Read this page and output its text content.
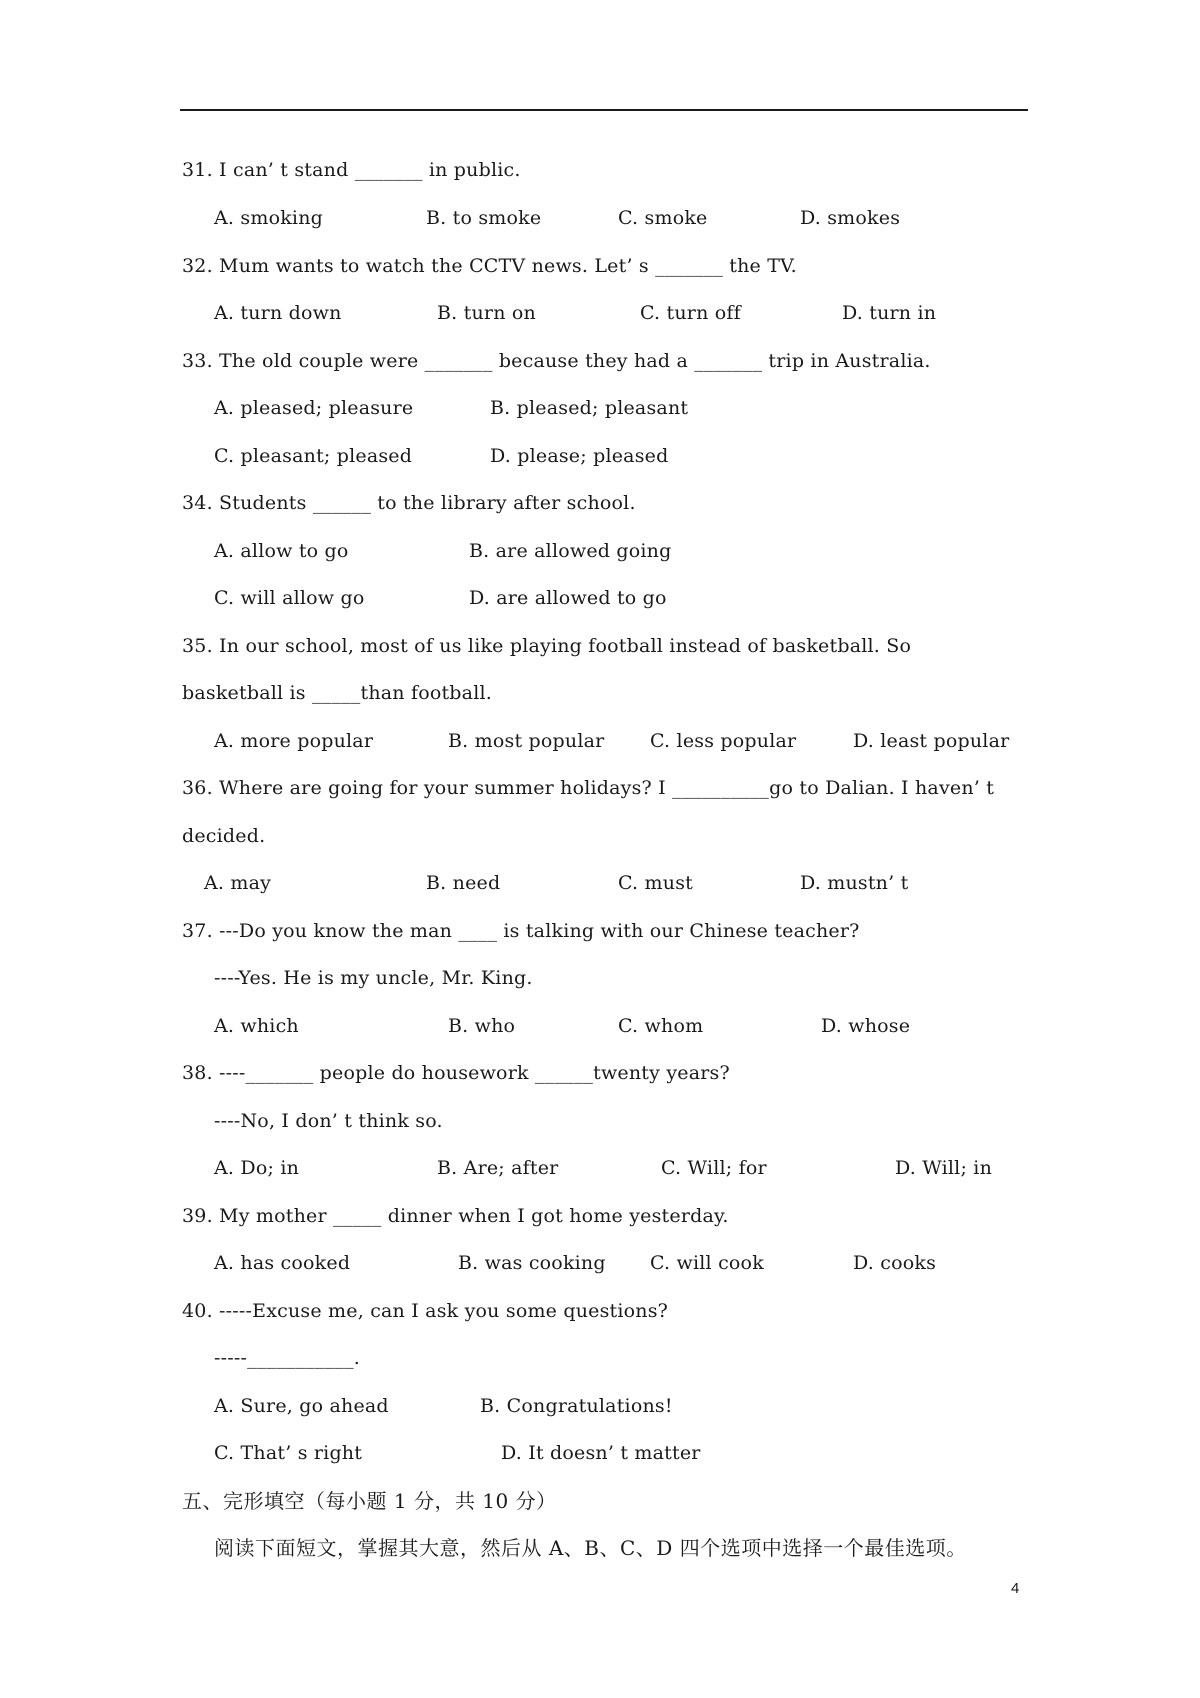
31. I can’ t stand _______ in public.
A. smoking	B. to smoke	C. smoke	D. smokes
32. Mum wants to watch the CCTV news. Let’ s _______ the TV.
A. turn down	B. turn on	C. turn off	D. turn in
33. The old couple were _______ because they had a _______ trip in Australia.
A. pleased; pleasure	B. pleased; pleasant
C. pleasant; pleased	D. please; pleased
34. Students ______ to the library after school.
A. allow to go	B. are allowed going
C. will allow go	D. are allowed to go
35. In our school, most of us like playing football instead of basketball. So
basketball is _____than football.
A. more popular	B. most popular C. less popular	D. least popular
36. Where are going for your summer holidays? I __________go to Dalian. I haven’ t
decided.
A. may	B. need	C. must	D. mustn’ t
37. ---Do you know the man ____ is talking with our Chinese teacher?
----Yes. He is my uncle, Mr. King.
A. which	B. who	C. whom	D. whose
38. ----_______ people do housework ______twenty years?
----No, I don’ t think so.
A. Do; in	B. Are; after	C. Will; for	D. Will; in
39. My mother _____ dinner when I got home yesterday.
A. has cooked	B. was cooking C. will cook	D. cooks
40. -----Excuse me, can I ask you some questions?
-----___________.
A. Sure, go ahead	B. Congratulations!
C. That’ s right	D. It doesn’ t matter
五、完形填空（每小题 1 分，共 10 分）
阅读下面短文，掌握其大意，然后从 A、B、C、D 四个选项中选择一个最佳选项。
4
